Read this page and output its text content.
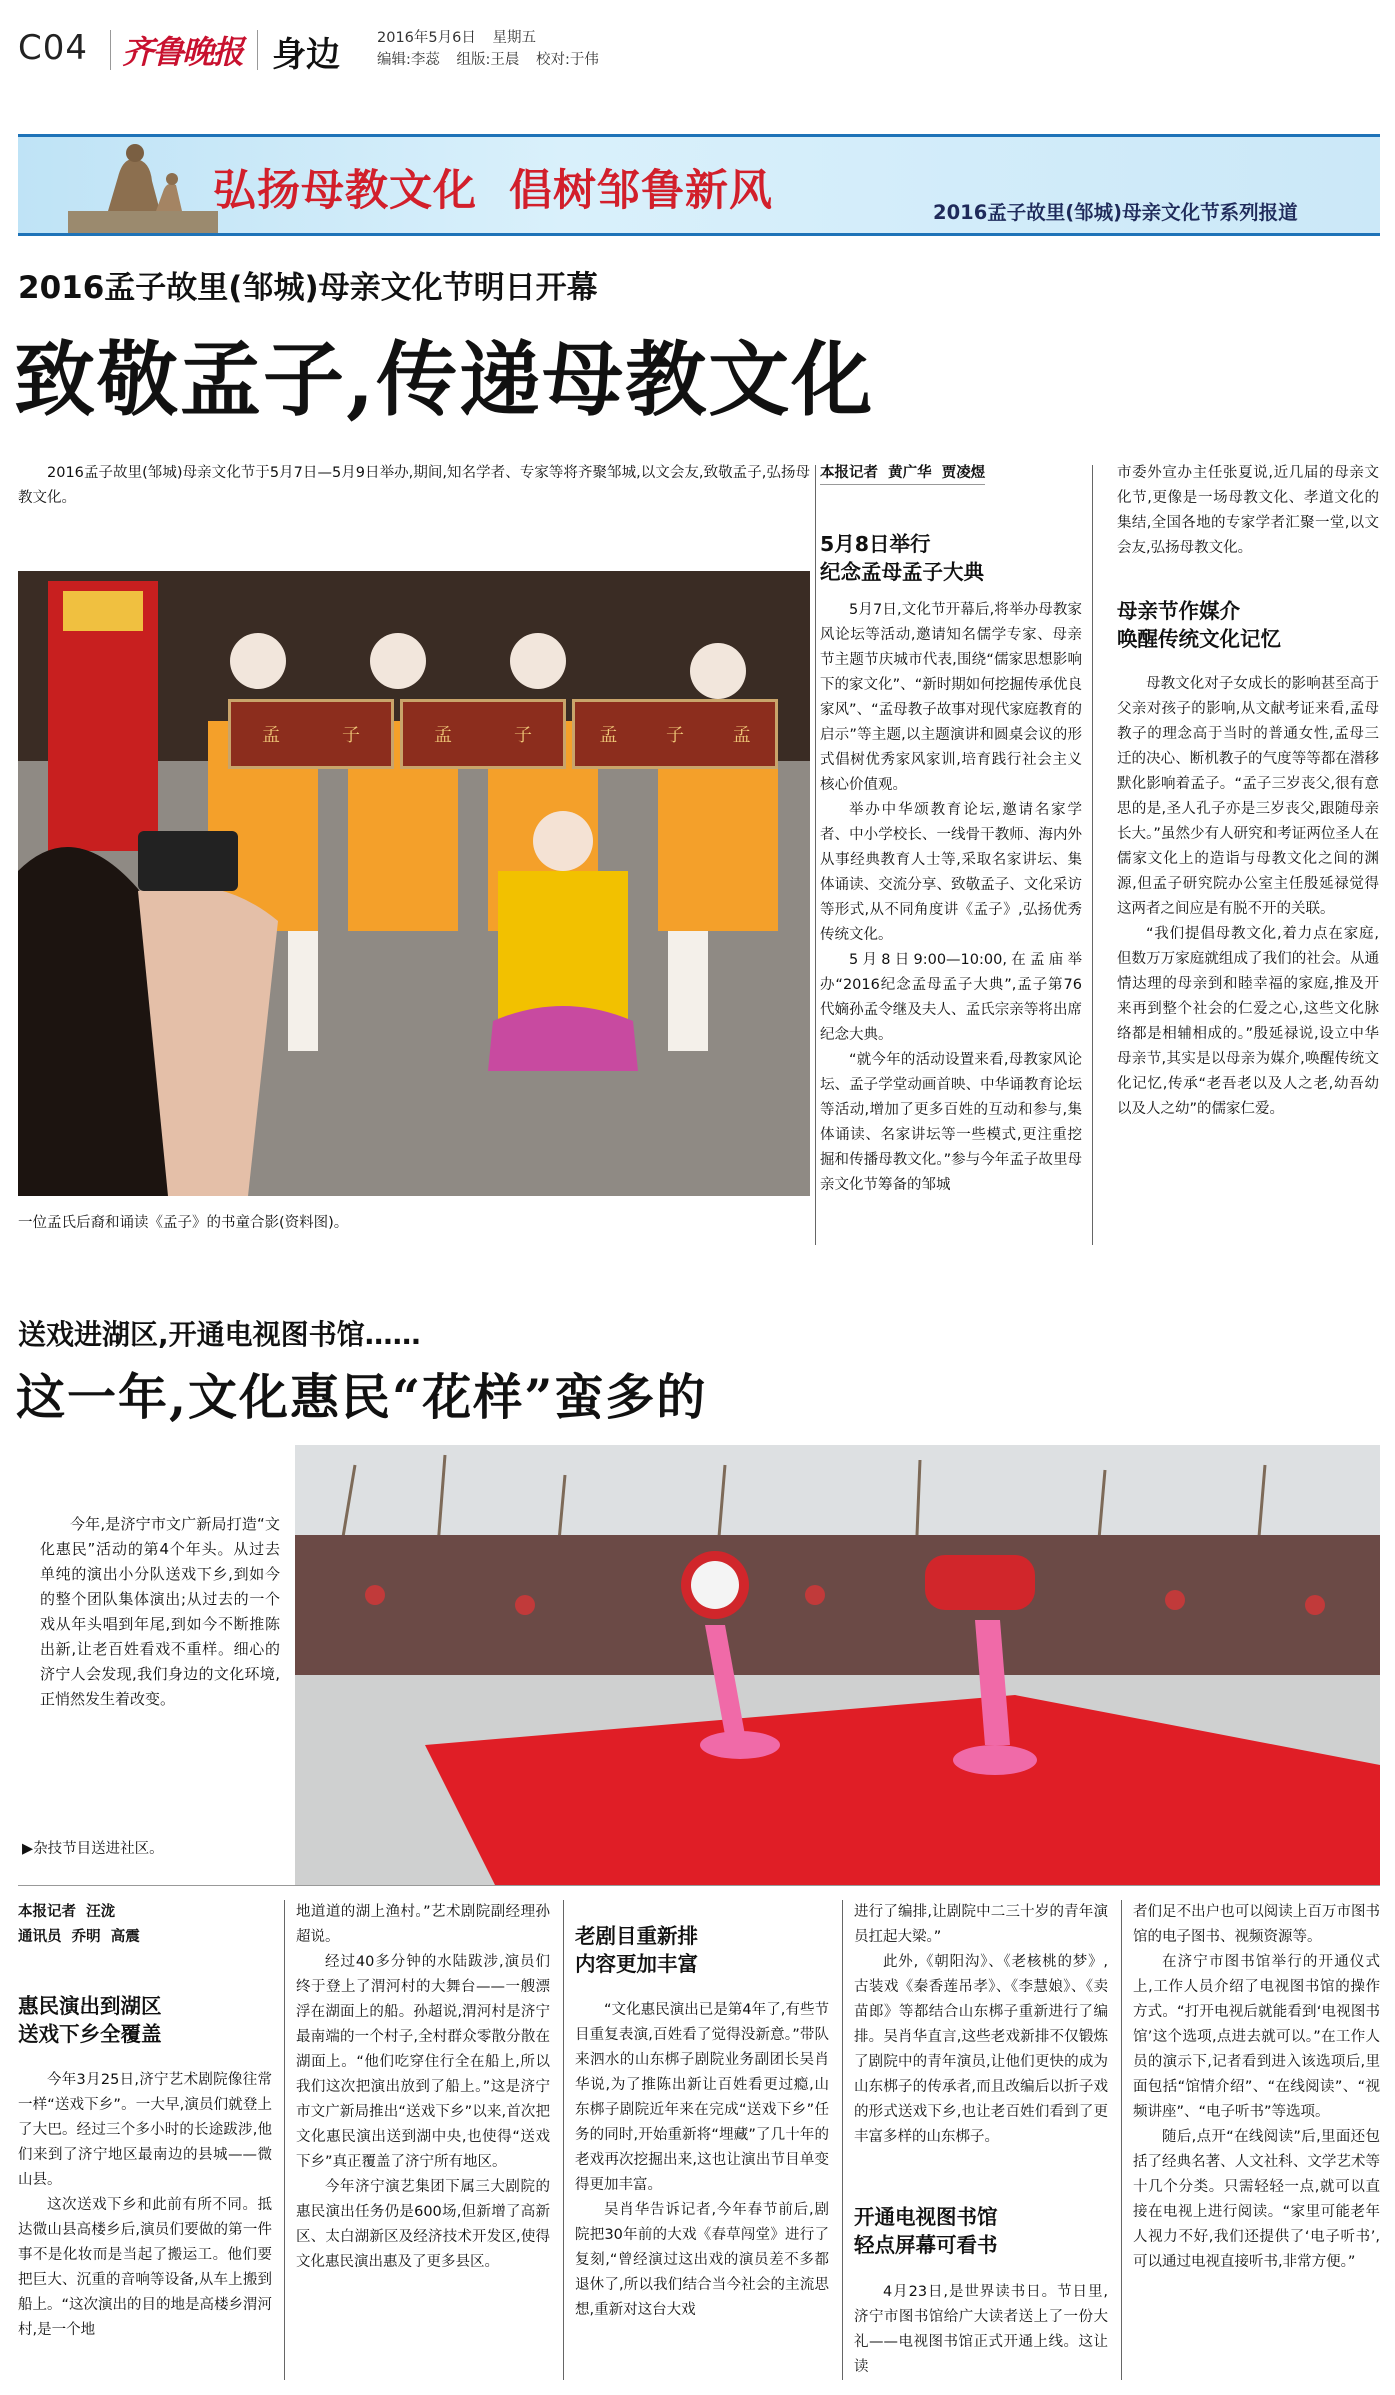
C04 齐鲁晚报 身边	2016年5月6日 星期五
编辑:李蕊 组版:王晨 校对:于伟
弘扬母教文化  倡树邹鲁新风	2016孟子故里(邹城)母亲文化节系列报道
2016孟子故里(邹城)母亲文化节明日开幕
致敬孟子,传递母教文化

2016孟子故里(邹城)母亲文化节于5月7日—5月9日举办,期间,知名学者、专家等将齐聚邹城,以文会友,致敬孟子,弘扬母教文化。

孟	子	孟	子	孟	子	孟
一位孟氏后裔和诵读《孟子》的书童合影(资料图)。
本报记者  黄广华  贾凌煜
5月8日举行
纪念孟母孟子大典

5月7日,文化节开幕后,将举办母教家风论坛等活动,邀请知名儒学专家、母亲节主题节庆城市代表,围绕“儒家思想影响下的家文化”、“新时期如何挖掘传承优良家风”、“孟母教子故事对现代家庭教育的启示”等主题,以主题演讲和圆桌会议的形式倡树优秀家风家训,培育践行社会主义核心价值观。

举办中华颂教育论坛,邀请名家学者、中小学校长、一线骨干教师、海内外从事经典教育人士等,采取名家讲坛、集体诵读、交流分享、致敬孟子、文化采访等形式,从不同角度讲《孟子》,弘扬优秀传统文化。

5月8日9:00—10:00,在孟庙举办“2016纪念孟母孟子大典”,孟子第76代嫡孙孟令继及夫人、孟氏宗亲等将出席纪念大典。

“就今年的活动设置来看,母教家风论坛、孟子学堂动画首映、中华诵教育论坛等活动,增加了更多百姓的互动和参与,集体诵读、名家讲坛等一些模式,更注重挖掘和传播母教文化。”参与今年孟子故里母亲文化节筹备的邹城

市委外宣办主任张夏说,近几届的母亲文化节,更像是一场母教文化、孝道文化的集结,全国各地的专家学者汇聚一堂,以文会友,弘扬母教文化。

母亲节作媒介
唤醒传统文化记忆

母教文化对子女成长的影响甚至高于父亲对孩子的影响,从文献考证来看,孟母教子的理念高于当时的普通女性,孟母三迁的决心、断机教子的气度等等都在潜移默化影响着孟子。“孟子三岁丧父,很有意思的是,圣人孔子亦是三岁丧父,跟随母亲长大。”虽然少有人研究和考证两位圣人在儒家文化上的造诣与母教文化之间的渊源,但孟子研究院办公室主任殷延禄觉得这两者之间应是有脱不开的关联。

“我们提倡母教文化,着力点在家庭,但数万万家庭就组成了我们的社会。从通情达理的母亲到和睦幸福的家庭,推及开来再到整个社会的仁爱之心,这些文化脉络都是相辅相成的。”殷延禄说,设立中华母亲节,其实是以母亲为媒介,唤醒传统文化记忆,传承“老吾老以及人之老,幼吾幼以及人之幼”的儒家仁爱。

送戏进湖区,开通电视图书馆……
这一年,文化惠民“花样”蛮多的

今年,是济宁市文广新局打造“文化惠民”活动的第4个年头。从过去单纯的演出小分队送戏下乡,到如今的整个团队集体演出;从过去的一个戏从年头唱到年尾,到如今不断推陈出新,让老百姓看戏不重样。细心的济宁人会发现,我们身边的文化环境,正悄然发生着改变。

▶杂技节目送进社区。
本报记者  汪泷
通讯员  乔明  高震
惠民演出到湖区
送戏下乡全覆盖

今年3月25日,济宁艺术剧院像往常一样“送戏下乡”。一大早,演员们就登上了大巴。经过三个多小时的长途跋涉,他们来到了济宁地区最南边的县城——微山县。

这次送戏下乡和此前有所不同。抵达微山县高楼乡后,演员们要做的第一件事不是化妆而是当起了搬运工。他们要把巨大、沉重的音响等设备,从车上搬到船上。“这次演出的目的地是高楼乡渭河村,是一个地

地道道的湖上渔村。”艺术剧院副经理孙超说。

经过40多分钟的水陆跋涉,演员们终于登上了渭河村的大舞台——一艘漂浮在湖面上的船。孙超说,渭河村是济宁最南端的一个村子,全村群众零散分散在湖面上。“他们吃穿住行全在船上,所以我们这次把演出放到了船上。”这是济宁市文广新局推出“送戏下乡”以来,首次把文化惠民演出送到湖中央,也使得“送戏下乡”真正覆盖了济宁所有地区。

今年济宁演艺集团下属三大剧院的惠民演出任务仍是600场,但新增了高新区、太白湖新区及经济技术开发区,使得文化惠民演出惠及了更多县区。

老剧目重新排
内容更加丰富

“文化惠民演出已是第4年了,有些节目重复表演,百姓看了觉得没新意。”带队来泗水的山东梆子剧院业务副团长吴肖华说,为了推陈出新让百姓看更过瘾,山东梆子剧院近年来在完成“送戏下乡”任务的同时,开始重新将“埋藏”了几十年的老戏再次挖掘出来,这也让演出节目单变得更加丰富。

吴肖华告诉记者,今年春节前后,剧院把30年前的大戏《春草闯堂》进行了复刻,“曾经演过这出戏的演员差不多都退休了,所以我们结合当今社会的主流思想,重新对这台大戏

进行了编排,让剧院中二三十岁的青年演员扛起大梁。”

此外,《朝阳沟》、《老核桃的梦》,古装戏《秦香莲吊孝》、《李慧娘》、《卖苗郎》等都结合山东梆子重新进行了编排。吴肖华直言,这些老戏新排不仅锻炼了剧院中的青年演员,让他们更快的成为山东梆子的传承者,而且改编后以折子戏的形式送戏下乡,也让老百姓们看到了更丰富多样的山东梆子。

开通电视图书馆
轻点屏幕可看书

4月23日,是世界读书日。节日里,济宁市图书馆给广大读者送上了一份大礼——电视图书馆正式开通上线。这让读

者们足不出户也可以阅读上百万市图书馆的电子图书、视频资源等。

在济宁市图书馆举行的开通仪式上,工作人员介绍了电视图书馆的操作方式。“打开电视后就能看到‘电视图书馆’这个选项,点进去就可以。”在工作人员的演示下,记者看到进入该选项后,里面包括“馆情介绍”、“在线阅读”、“视频讲座”、“电子听书”等选项。

随后,点开“在线阅读”后,里面还包括了经典名著、人文社科、文学艺术等十几个分类。只需轻轻一点,就可以直接在电视上进行阅读。“家里可能老年人视力不好,我们还提供了‘电子听书’,可以通过电视直接听书,非常方便。”
